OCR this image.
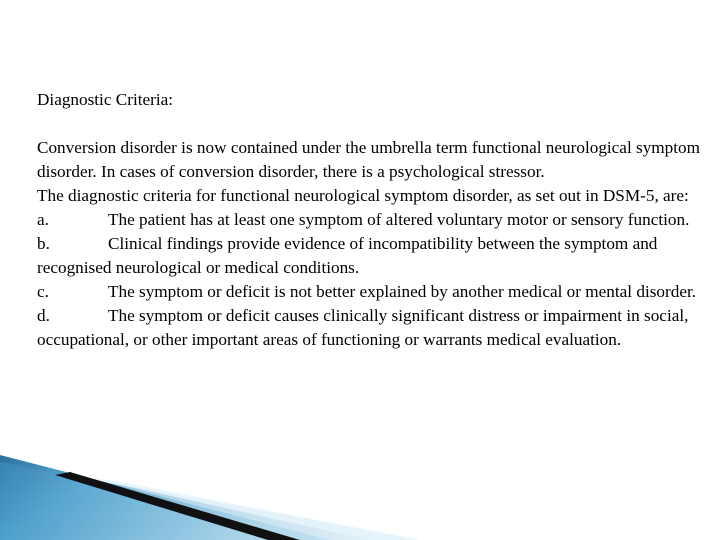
Diagnostic Criteria:

Conversion disorder is now contained under the umbrella term functional neurological symptom disorder. In cases of conversion disorder, there is a psychological stressor.

The diagnostic criteria for functional neurological symptom disorder, as set out in DSM-5, are:

a.	The patient has at least one symptom of altered voluntary motor or sensory function.

b.	Clinical findings provide evidence of incompatibility between the symptom and recognised neurological or medical conditions.

c.	The symptom or deficit is not better explained by another medical or mental disorder.

d.	The symptom or deficit causes clinically significant distress or impairment in social, occupational, or other important areas of functioning or warrants medical evaluation.
